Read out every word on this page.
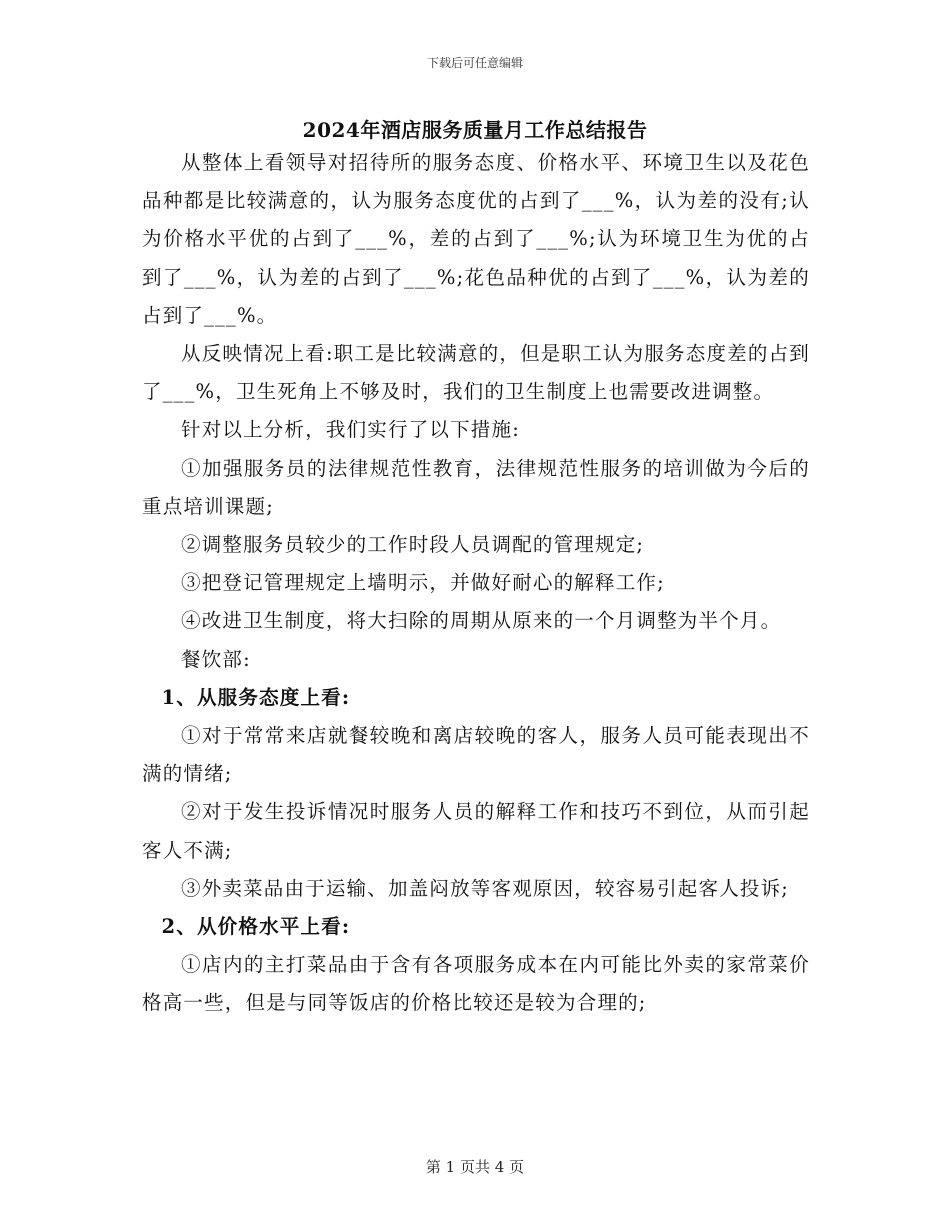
下载后可任意编辑
2024年酒店服务质量月工作总结报告

从整体上看领导对招待所的服务态度、价格水平、环境卫生以及花色品种都是比较满意的，认为服务态度优的占到了___%，认为差的没有;认为价格水平优的占到了___%，差的占到了___%;认为环境卫生为优的占到了___%，认为差的占到了___%;花色品种优的占到了___%，认为差的占到了___%。

从反映情况上看:职工是比较满意的，但是职工认为服务态度差的占到了___%，卫生死角上不够及时，我们的卫生制度上也需要改进调整。

针对以上分析，我们实行了以下措施:

①加强服务员的法律规范性教育，法律规范性服务的培训做为今后的重点培训课题;

②调整服务员较少的工作时段人员调配的管理规定;

③把登记管理规定上墙明示，并做好耐心的解释工作;

④改进卫生制度，将大扫除的周期从原来的一个月调整为半个月。

餐饮部:

1、从服务态度上看:

①对于常常来店就餐较晚和离店较晚的客人，服务人员可能表现出不满的情绪;

②对于发生投诉情况时服务人员的解释工作和技巧不到位，从而引起客人不满;

③外卖菜品由于运输、加盖闷放等客观原因，较容易引起客人投诉;

2、从价格水平上看:

①店内的主打菜品由于含有各项服务成本在内可能比外卖的家常菜价格高一些，但是与同等饭店的价格比较还是较为合理的;

第 1 页共 4 页
